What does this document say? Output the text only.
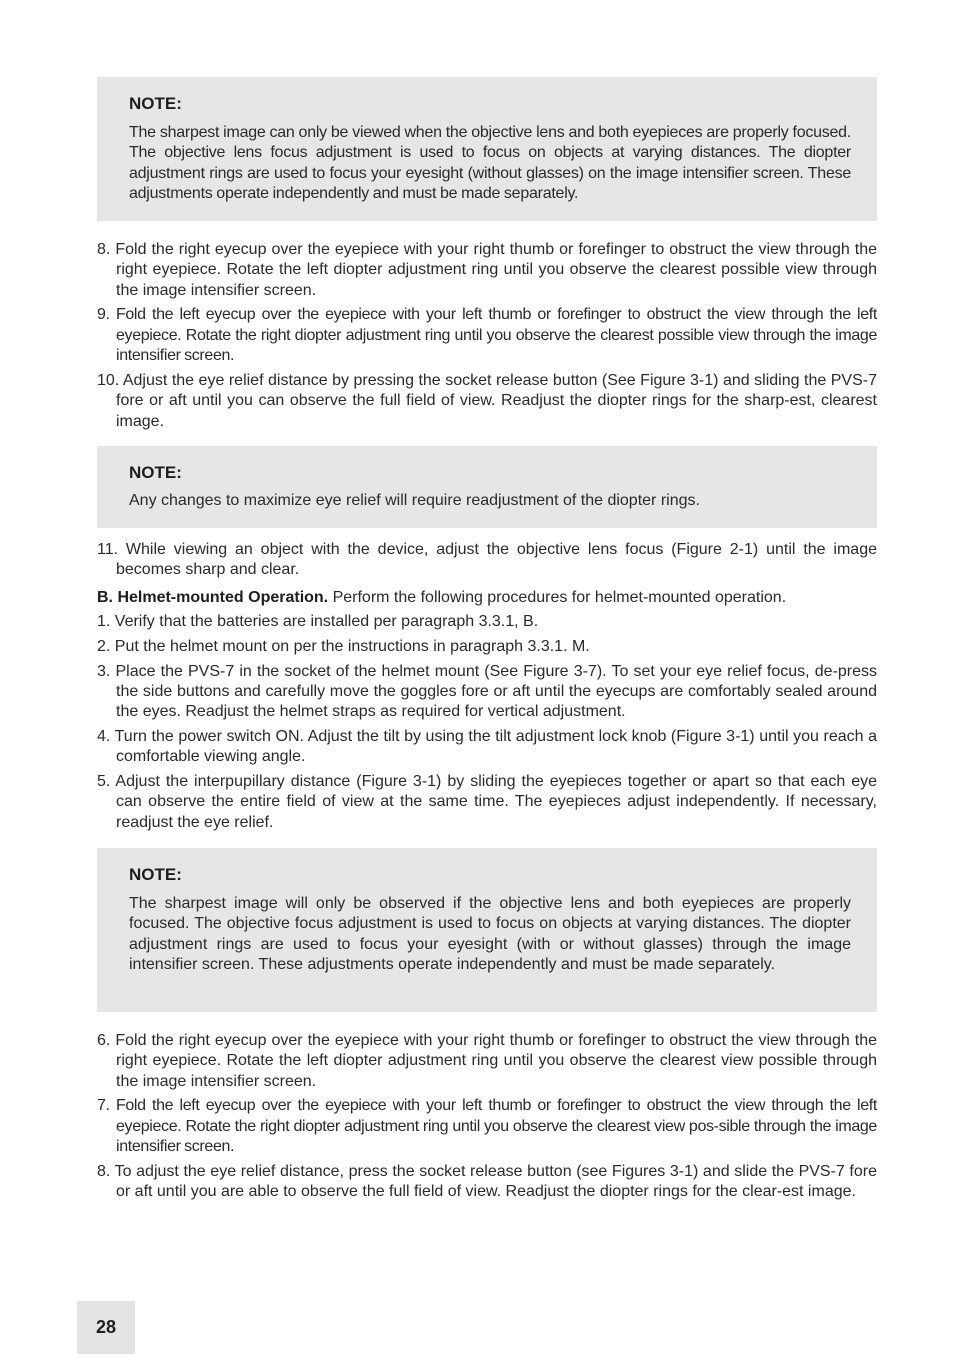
NOTE:

The sharpest image can only be viewed when the objective lens and both eyepieces are properly focused. The objective lens focus adjustment is used to focus on objects at varying distances. The diopter adjustment rings are used to focus your eyesight (without glasses) on the image intensifier screen. These adjustments operate independently and must be made separately.

8. Fold the right eyecup over the eyepiece with your right thumb or forefinger to obstruct the view through the right eyepiece. Rotate the left diopter adjustment ring until you observe the clearest possible view through the image intensifier screen.

9. Fold the left eyecup over the eyepiece with your left thumb or forefinger to obstruct the view through the left eyepiece. Rotate the right diopter adjustment ring until you observe the clearest possible view through the image intensifier screen.

10. Adjust the eye relief distance by pressing the socket release button (See Figure 3-1) and sliding the PVS-7 fore or aft until you can observe the full field of view. Readjust the diopter rings for the sharp-est, clearest image.

NOTE:

Any changes to maximize eye relief will require readjustment of the diopter rings.

11. While viewing an object with the device, adjust the objective lens focus (Figure 2-1) until the image becomes sharp and clear.

B. Helmet-mounted Operation. Perform the following procedures for helmet-mounted operation.

1. Verify that the batteries are installed per paragraph 3.3.1, B.

2. Put the helmet mount on per the instructions in paragraph 3.3.1. M.

3. Place the PVS-7 in the socket of the helmet mount (See Figure 3-7). To set your eye relief focus, de-press the side buttons and carefully move the goggles fore or aft until the eyecups are comfortably sealed around the eyes. Readjust the helmet straps as required for vertical adjustment.

4. Turn the power switch ON. Adjust the tilt by using the tilt adjustment lock knob (Figure 3-1) until you reach a comfortable viewing angle.

5. Adjust the interpupillary distance (Figure 3-1) by sliding the eyepieces together or apart so that each eye can observe the entire field of view at the same time. The eyepieces adjust independently. If necessary, readjust the eye relief.

NOTE:

The sharpest image will only be observed if the objective lens and both eyepieces are properly focused. The objective focus adjustment is used to focus on objects at varying distances. The diopter adjustment rings are used to focus your eyesight (with or without glasses) through the image intensifier screen. These adjustments operate independently and must be made separately.

6. Fold the right eyecup over the eyepiece with your right thumb or forefinger to obstruct the view through the right eyepiece. Rotate the left diopter adjustment ring until you observe the clearest view possible through the image intensifier screen.

7. Fold the left eyecup over the eyepiece with your left thumb or forefinger to obstruct the view through the left eyepiece. Rotate the right diopter adjustment ring until you observe the clearest view pos-sible through the image intensifier screen.

8. To adjust the eye relief distance, press the socket release button (see Figures 3-1) and slide the PVS-7 fore or aft until you are able to observe the full field of view. Readjust the diopter rings for the clear-est image.

28
